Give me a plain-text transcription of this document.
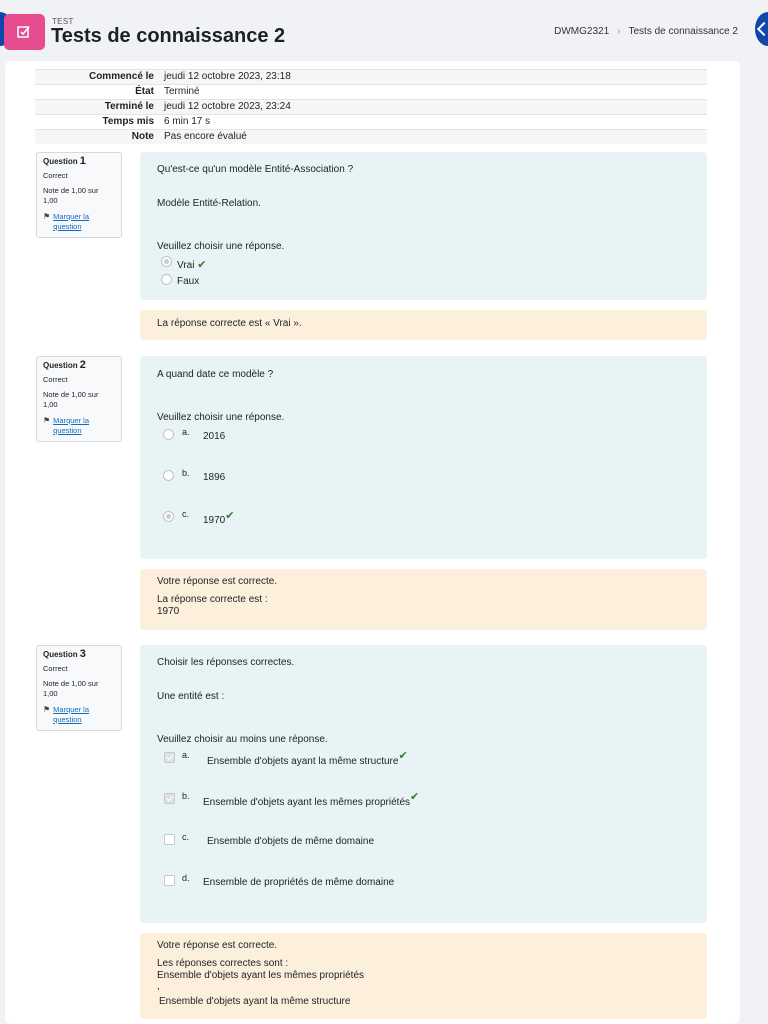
TEST
Tests de connaissance 2	DWMG2321 › Tests de connaissance 2
Commencé le	jeudi 12 octobre 2023, 23:18
État	Terminé
Terminé le	jeudi 12 octobre 2023, 23:24
Temps mis	6 min 17 s
Note	Pas encore évalué
Question 1
Correct
Note de 1,00 sur 1,00
⚑ Marquer la question
Qu'est-ce qu'un modèle Entité-Association ?
Modèle Entité-Relation.
Veuillez choisir une réponse.
Vrai ✔
Faux
La réponse correcte est « Vrai ».
Question 2
Correct
Note de 1,00 sur 1,00
⚑ Marquer la question
A quand date ce modèle ?
Veuillez choisir une réponse.
a. 2016
b. 1896
c.
1970✔
Votre réponse est correcte.
La réponse correcte est :
1970
Question 3
Correct
Note de 1,00 sur 1,00
⚑ Marquer la question
Choisir les réponses correctes.
Une entité est :
Veuillez choisir au moins une réponse.
a.
Ensemble d'objets ayant la même structure✔
b.
Ensemble d'objets ayant les mêmes propriétés✔
c. Ensemble d'objets de même domaine
d. Ensemble de propriétés de même domaine
Votre réponse est correcte.
Les réponses correctes sont :
Ensemble d'objets ayant les mêmes propriétés
,
Ensemble d'objets ayant la même structure
